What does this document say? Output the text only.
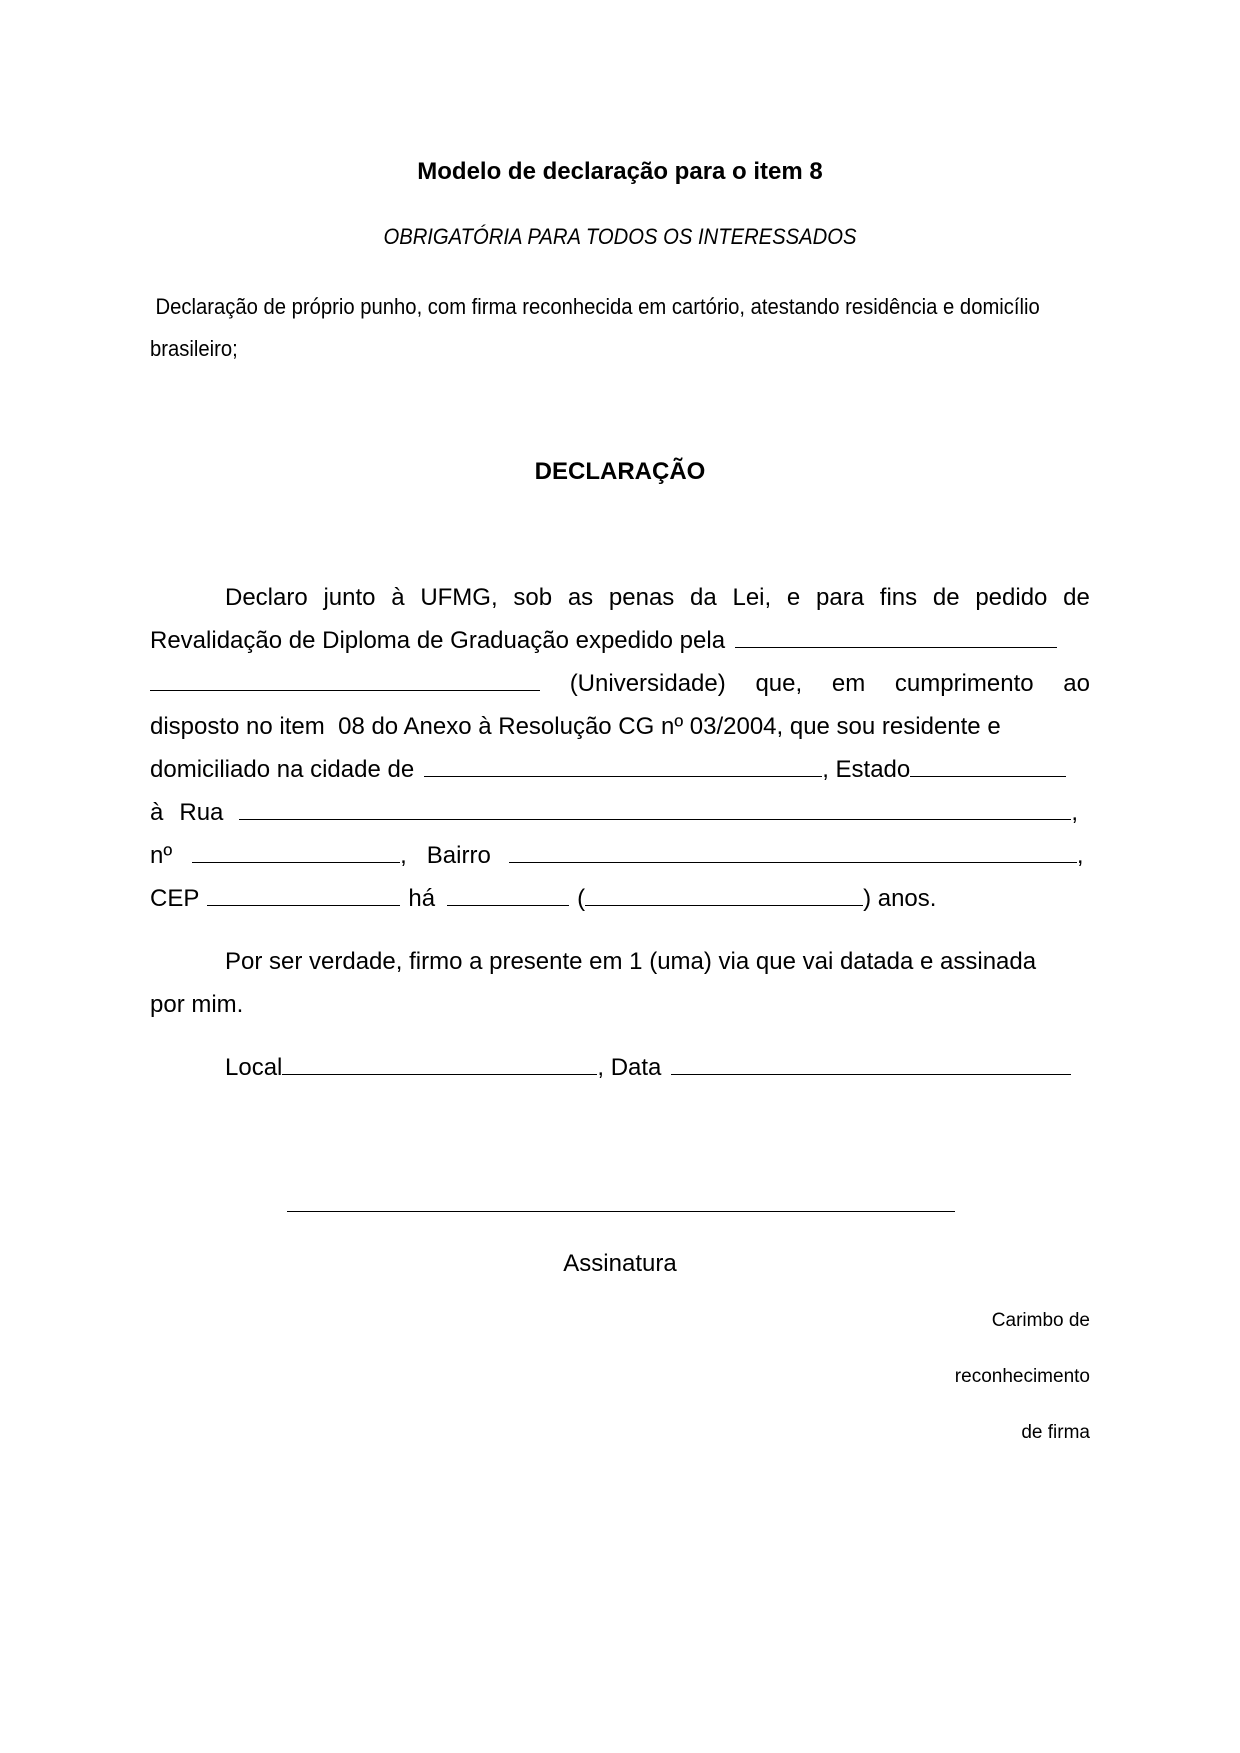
Modelo de declaração para o item 8
OBRIGATÓRIA PARA TODOS OS INTERESSADOS
Declaração de próprio punho, com firma reconhecida em cartório, atestando residência e domicílio
brasileiro;
DECLARAÇÃO
Declaro junto à UFMG, sob as penas da Lei, e para fins de pedido de
Revalidação de Diploma de Graduação expedido pela
(Universidade) que, em cumprimento ao
disposto no item  08 do Anexo à Resolução CG nº 03/2004, que sou residente e
domiciliado na cidade de	, Estado
à Rua	,
nº	,   Bairro	,
CEP	há	(	) anos.
Por ser verdade, firmo a presente em 1 (uma) via que vai datada e assinada
por mim.
Local	, Data
Assinatura
Carimbo de
reconhecimento
de firma
